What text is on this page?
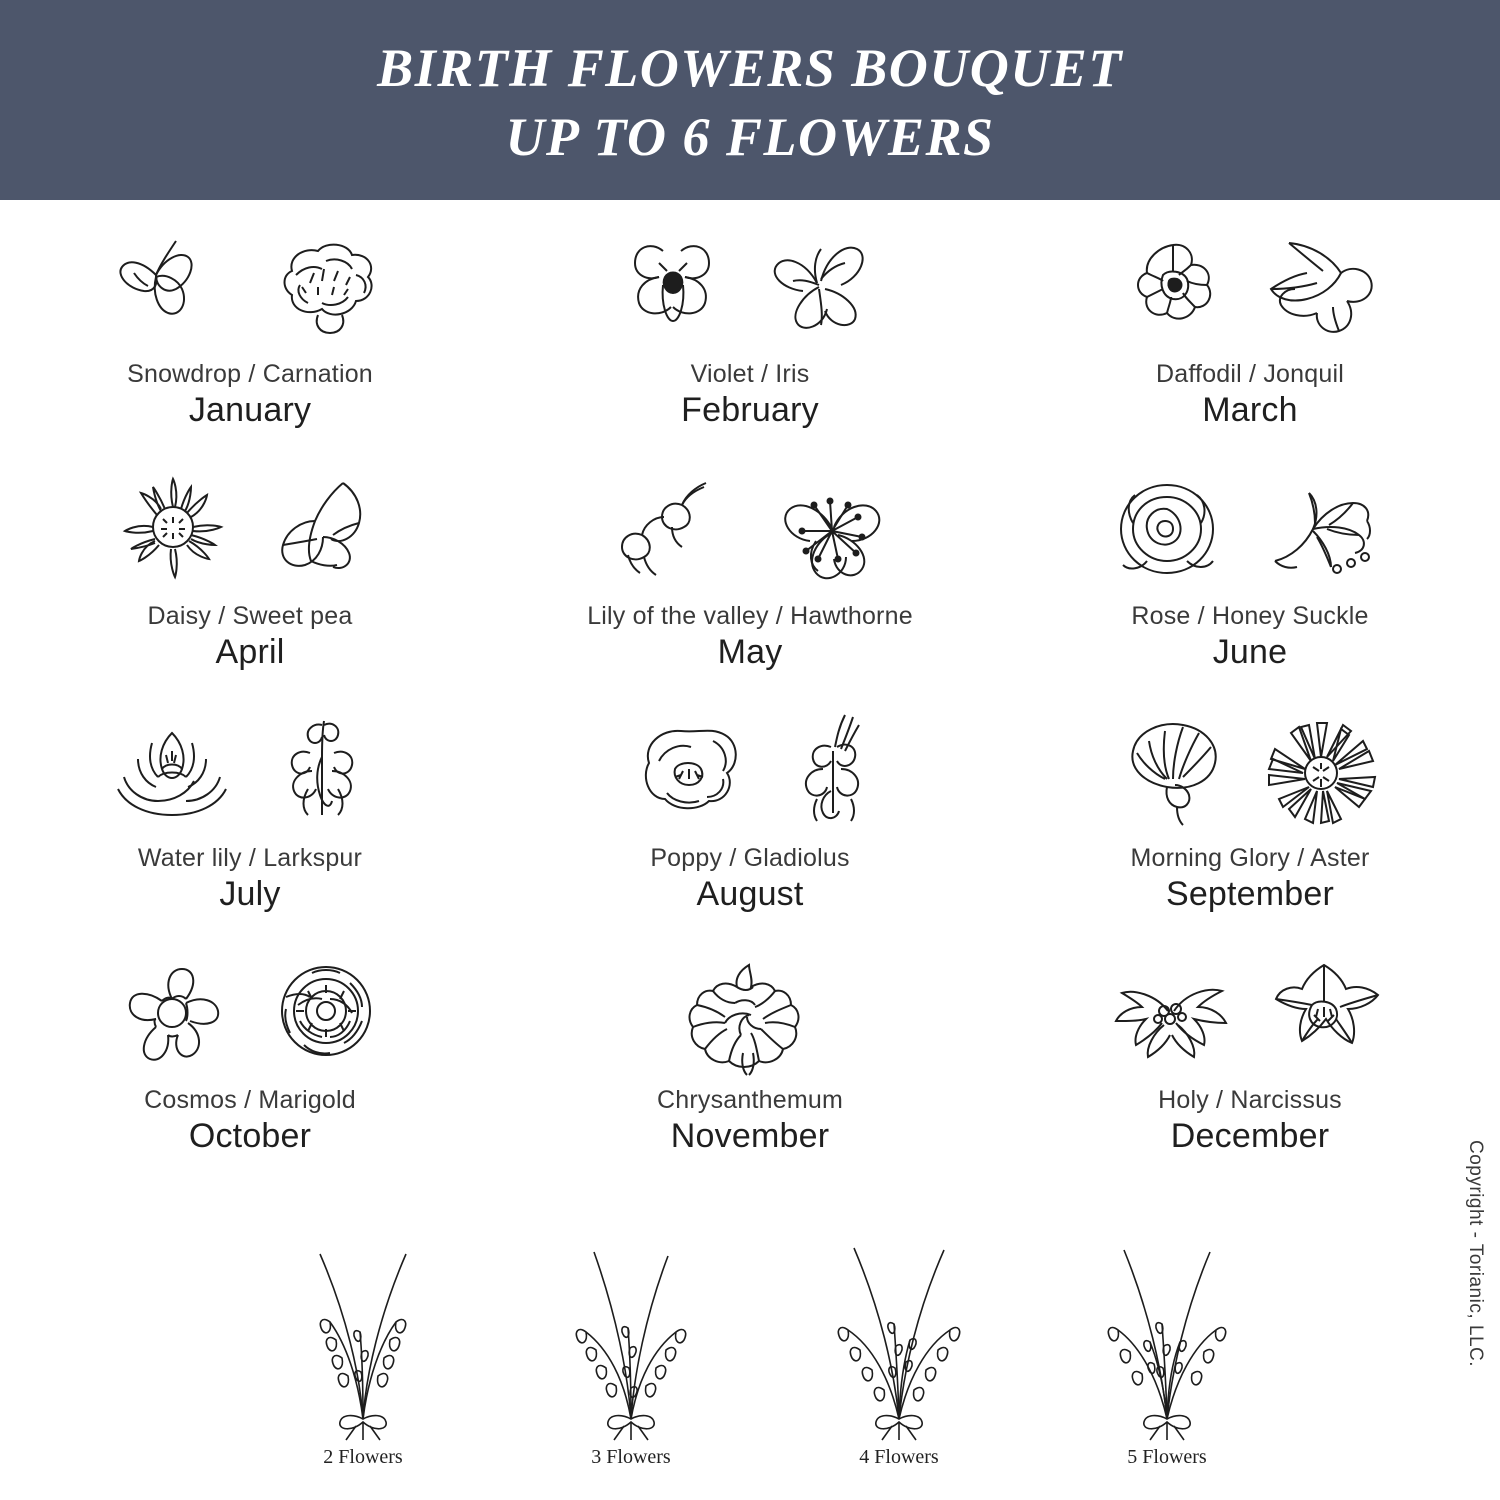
BIRTH FLOWERS BOUQUET
UP TO 6 FLOWERS
Snowdrop / Carnation
January
Violet / Iris
February
Daffodil / Jonquil
March
Daisy / Sweet pea
April
Lily of the valley / Hawthorne
May
Rose / Honey Suckle
June
Water lily / Larkspur
July
Poppy / Gladiolus
August
Morning Glory / Aster
September
Cosmos / Marigold
October
Chrysanthemum
November
Holy / Narcissus
December
2 Flowers	3 Flowers	4 Flowers	5 Flowers
Copyright - Torianic, LLC.
